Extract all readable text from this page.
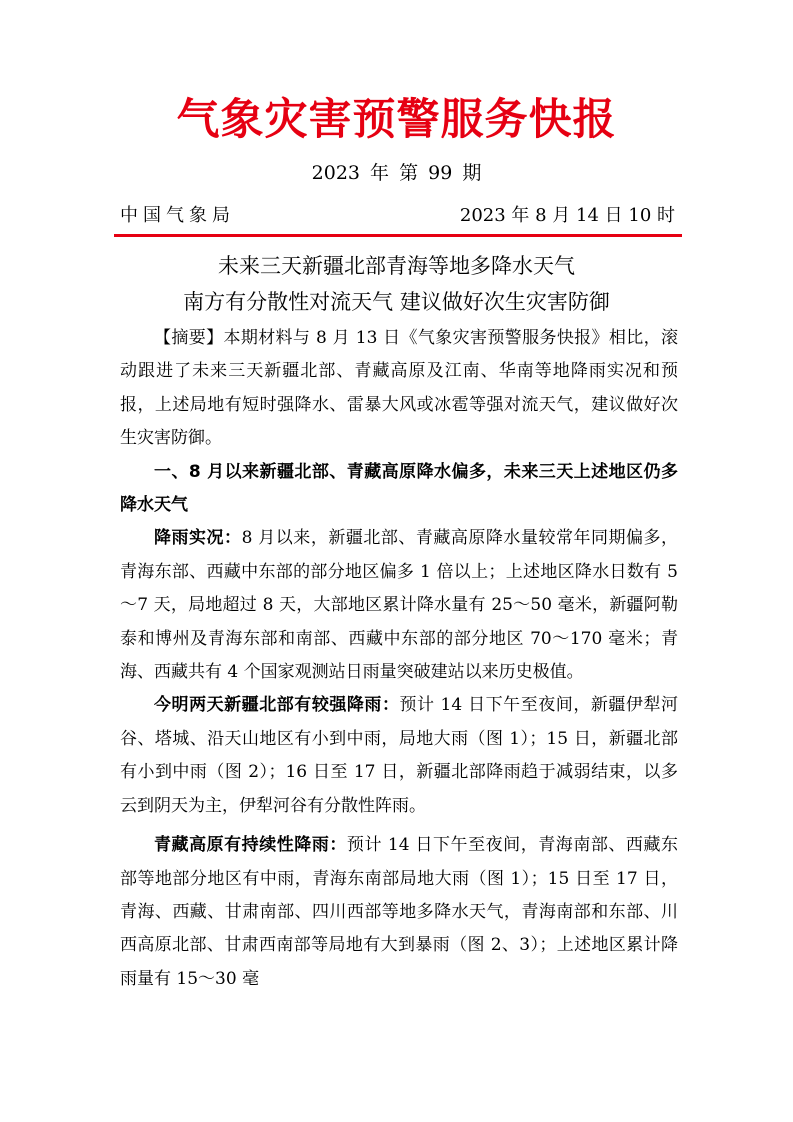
气象灾害预警服务快报
2023 年 第 99 期
中国气象局	2023 年 8 月 14 日 10 时
未来三天新疆北部青海等地多降水天气
南方有分散性对流天气 建议做好次生灾害防御

【摘要】本期材料与 8 月 13 日《气象灾害预警服务快报》相比，滚动跟进了未来三天新疆北部、青藏高原及江南、华南等地降雨实况和预报，上述局地有短时强降水、雷暴大风或冰雹等强对流天气，建议做好次生灾害防御。

一、8 月以来新疆北部、青藏高原降水偏多，未来三天上述地区仍多降水天气

降雨实况：8 月以来，新疆北部、青藏高原降水量较常年同期偏多，青海东部、西藏中东部的部分地区偏多 1 倍以上；上述地区降水日数有 5～7 天，局地超过 8 天，大部地区累计降水量有 25～50 毫米，新疆阿勒泰和博州及青海东部和南部、西藏中东部的部分地区 70～170 毫米；青海、西藏共有 4 个国家观测站日雨量突破建站以来历史极值。

今明两天新疆北部有较强降雨：预计 14 日下午至夜间，新疆伊犁河谷、塔城、沿天山地区有小到中雨，局地大雨（图 1）；15 日，新疆北部有小到中雨（图 2）；16 日至 17 日，新疆北部降雨趋于减弱结束，以多云到阴天为主，伊犁河谷有分散性阵雨。

青藏高原有持续性降雨：预计 14 日下午至夜间，青海南部、西藏东部等地部分地区有中雨，青海东南部局地大雨（图 1）；15 日至 17 日，青海、西藏、甘肃南部、四川西部等地多降水天气，青海南部和东部、川西高原北部、甘肃西南部等局地有大到暴雨（图 2、3）；上述地区累计降雨量有 15～30 毫
